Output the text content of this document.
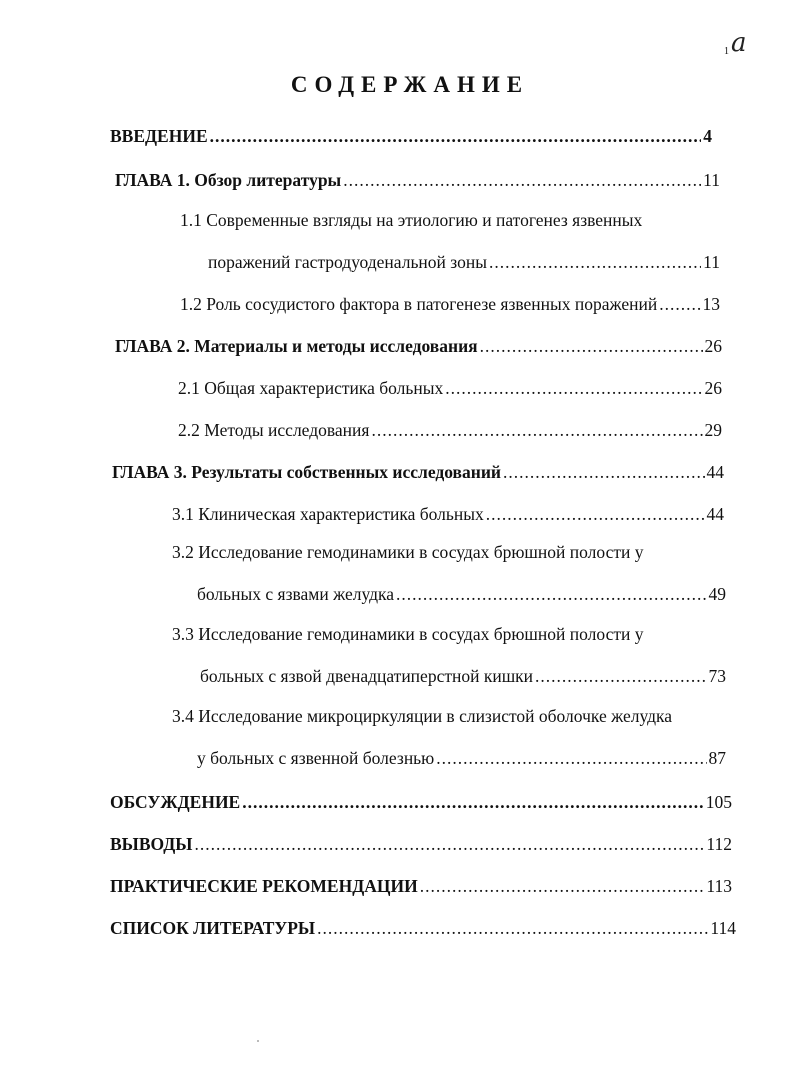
a
1
СОДЕРЖАНИЕ
ВВЕДЕНИЕ .....	4
ГЛАВА 1. Обзор литературы .....	11
1.1 Современные взгляды на этиологию и патогенез язвенных
поражений гастродуоденальной зоны .....	11
1.2 Роль сосудистого фактора в патогенезе язвенных поражений .....	13
ГЛАВА 2. Материалы и методы исследования .....	26
2.1 Общая характеристика больных .....	26
2.2 Методы исследования .....	29
ГЛАВА 3. Результаты собственных исследований .....	44
3.1 Клиническая характеристика больных .....	44
3.2 Исследование гемодинамики в сосудах брюшной полости у
больных с язвами желудка .....	49
3.3 Исследование гемодинамики в сосудах брюшной полости у
больных с язвой двенадцатиперстной кишки .....	73
3.4 Исследование микроциркуляции в слизистой оболочке желудка
у больных с язвенной болезнью .....	87
ОБСУЖДЕНИЕ .....	105
ВЫВОДЫ .....	112
ПРАКТИЧЕСКИЕ РЕКОМЕНДАЦИИ .....	113
СПИСОК ЛИТЕРАТУРЫ .....	114
